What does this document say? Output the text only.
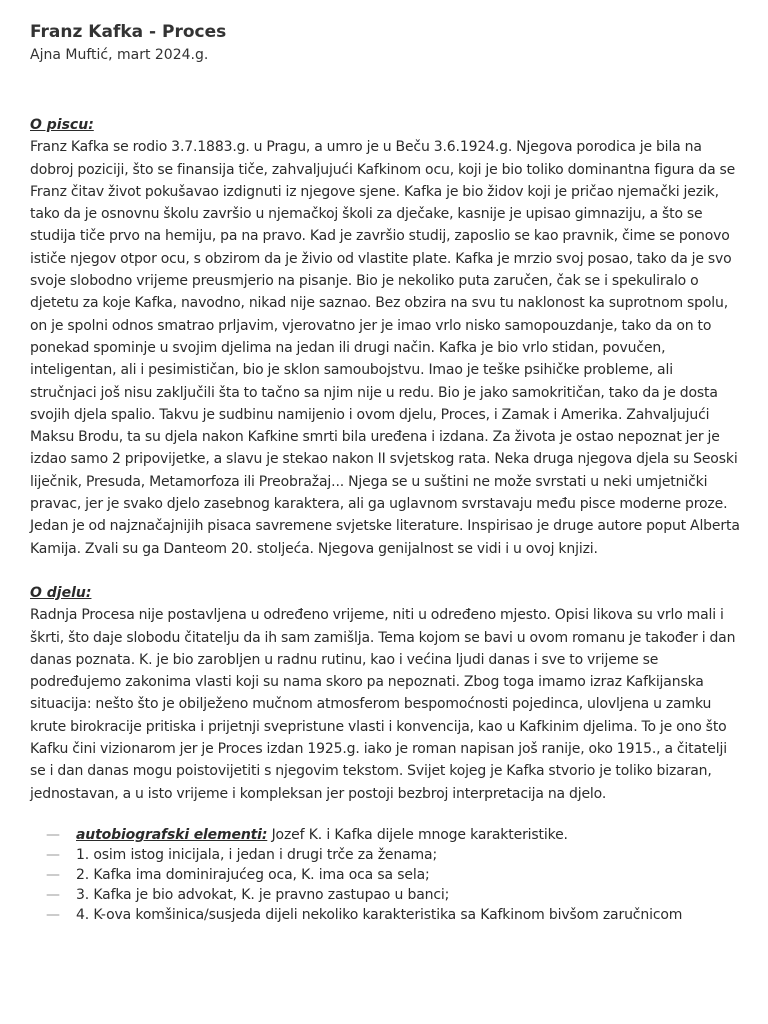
Franz Kafka - Proces

Ajna Muftić, mart 2024.g.

O piscu:

Franz Kafka se rodio 3.7.1883.g. u Pragu, a umro je u Beču 3.6.1924.g. Njegova porodica je bila na dobroj poziciji, što se finansija tiče, zahvaljujući Kafkinom ocu, koji je bio toliko dominantna figura da se Franz čitav život pokušavao izdignuti iz njegove sjene. Kafka je bio židov koji je pričao njemački jezik, tako da je osnovnu školu završio u njemačkoj školi za dječake, kasnije je upisao gimnaziju, a što se studija tiče prvo na hemiju, pa na pravo. Kad je završio studij, zaposlio se kao pravnik, čime se ponovo ističe njegov otpor ocu, s obzirom da je živio od vlastite plate. Kafka je mrzio svoj posao, tako da je svo svoje slobodno vrijeme preusmjerio na pisanje. Bio je nekoliko puta zaručen, čak se i spekuliralo o djetetu za koje Kafka, navodno, nikad nije saznao. Bez obzira na svu tu naklonost ka suprotnom spolu, on je spolni odnos smatrao prljavim, vjerovatno jer je imao vrlo nisko samopouzdanje, tako da on to ponekad spominje u svojim djelima na jedan ili drugi način. Kafka je bio vrlo stidan, povučen, inteligentan, ali i pesimističan, bio je sklon samoubojstvu. Imao je teške psihičke probleme, ali stručnjaci još nisu zaključili šta to tačno sa njim nije u redu. Bio je jako samokritičan, tako da je dosta svojih djela spalio. Takvu je sudbinu namijenio i ovom djelu, Proces, i Zamak i Amerika. Zahvaljujući Maksu Brodu, ta su djela nakon Kafkine smrti bila uređena i izdana. Za života je ostao nepoznat jer je izdao samo 2 pripovijetke, a slavu je stekao nakon II svjetskog rata. Neka druga njegova djela su Seoski liječnik, Presuda, Metamorfoza ili Preobražaj... Njega se u suštini ne može svrstati u neki umjetnički pravac, jer je svako djelo zasebnog karaktera, ali ga uglavnom svrstavaju među pisce moderne proze. Jedan je od najznačajnijih pisaca savremene svjetske literature. Inspirisao je druge autore poput Alberta Kamija. Zvali su ga Danteom 20. stoljeća. Njegova genijalnost se vidi i u ovoj knjizi.

O djelu:

Radnja Procesa nije postavljena u određeno vrijeme, niti u određeno mjesto. Opisi likova su vrlo mali i škrti, što daje slobodu čitatelju da ih sam zamišlja. Tema kojom se bavi u ovom romanu je također i dan danas poznata. K. je bio zarobljen u radnu rutinu, kao i većina ljudi danas i sve to vrijeme se podređujemo zakonima vlasti koji su nama skoro pa nepoznati. Zbog toga imamo izraz Kafkijanska situacija: nešto što je obilježeno mučnom atmosferom bespomoćnosti pojedinca, ulovljena u zamku krute birokracije pritiska i prijetnji svepristune vlasti i konvencija, kao u Kafkinim djelima. To je ono što Kafku čini vizionarom jer je Proces izdan 1925.g. iako je roman napisan još ranije, oko 1915., a čitatelji se i dan danas mogu poistovijetiti s njegovim tekstom. Svijet kojeg je Kafka stvorio je toliko bizaran, jednostavan, a u isto vrijeme i kompleksan jer postoji bezbroj interpretacija na djelo.

— autobiografski elementi: Jozef K. i Kafka dijele mnoge karakteristike.
— 1. osim istog inicijala, i jedan i drugi trče za ženama;
— 2. Kafka ima dominirajućeg oca, K. ima oca sa sela;
— 3. Kafka je bio advokat, K. je pravno zastupao u banci;
— 4. K-ova komšinica/susjeda dijeli nekoliko karakteristika sa Kafkinom bivšom zaručnicom
